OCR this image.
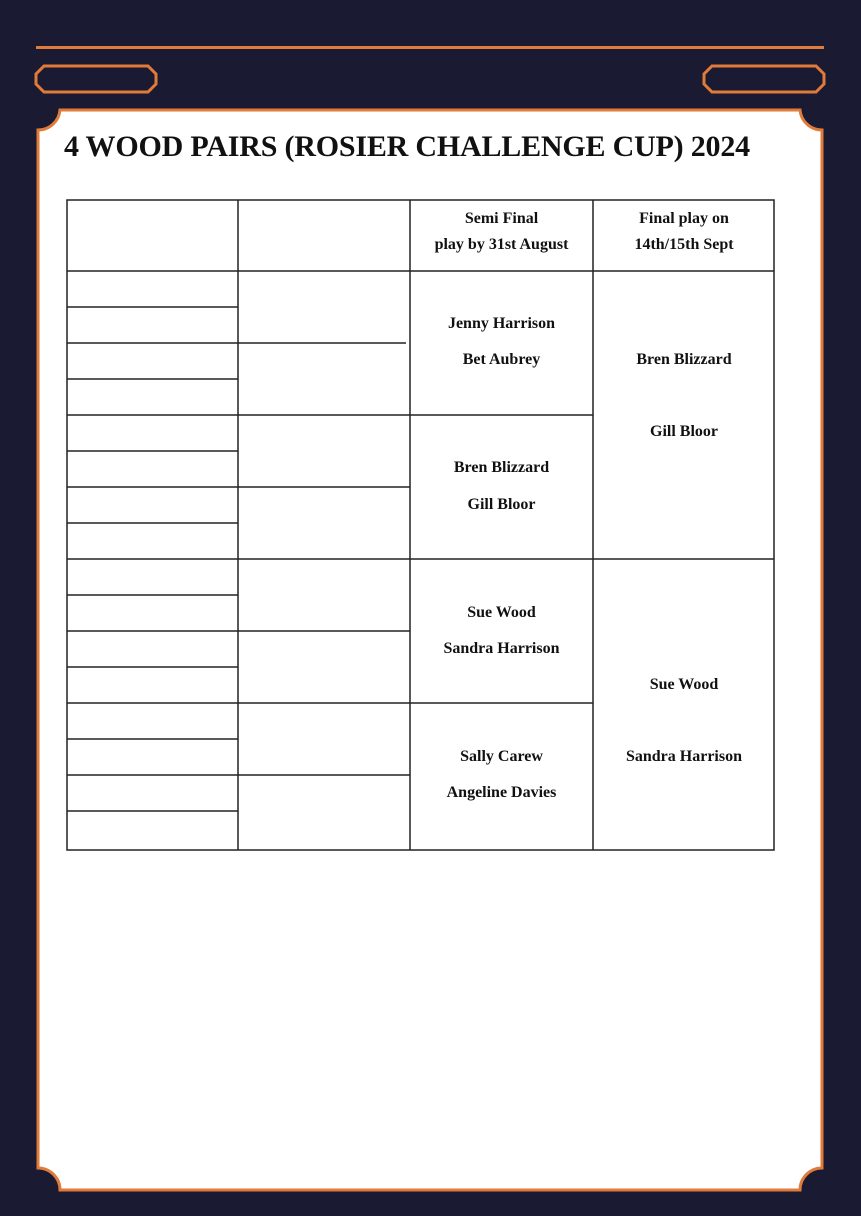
4 WOOD PAIRS (ROSIER CHALLENGE CUP) 2024
Semi Final
play by 31st August
Final play on
14th/15th Sept
Jenny Harrison
Bet Aubrey
Bren Blizzard
Gill Bloor
Sue Wood
Sandra Harrison
Sally Carew
Angeline Davies
Bren Blizzard
Gill Bloor
Sue Wood
Sandra Harrison
